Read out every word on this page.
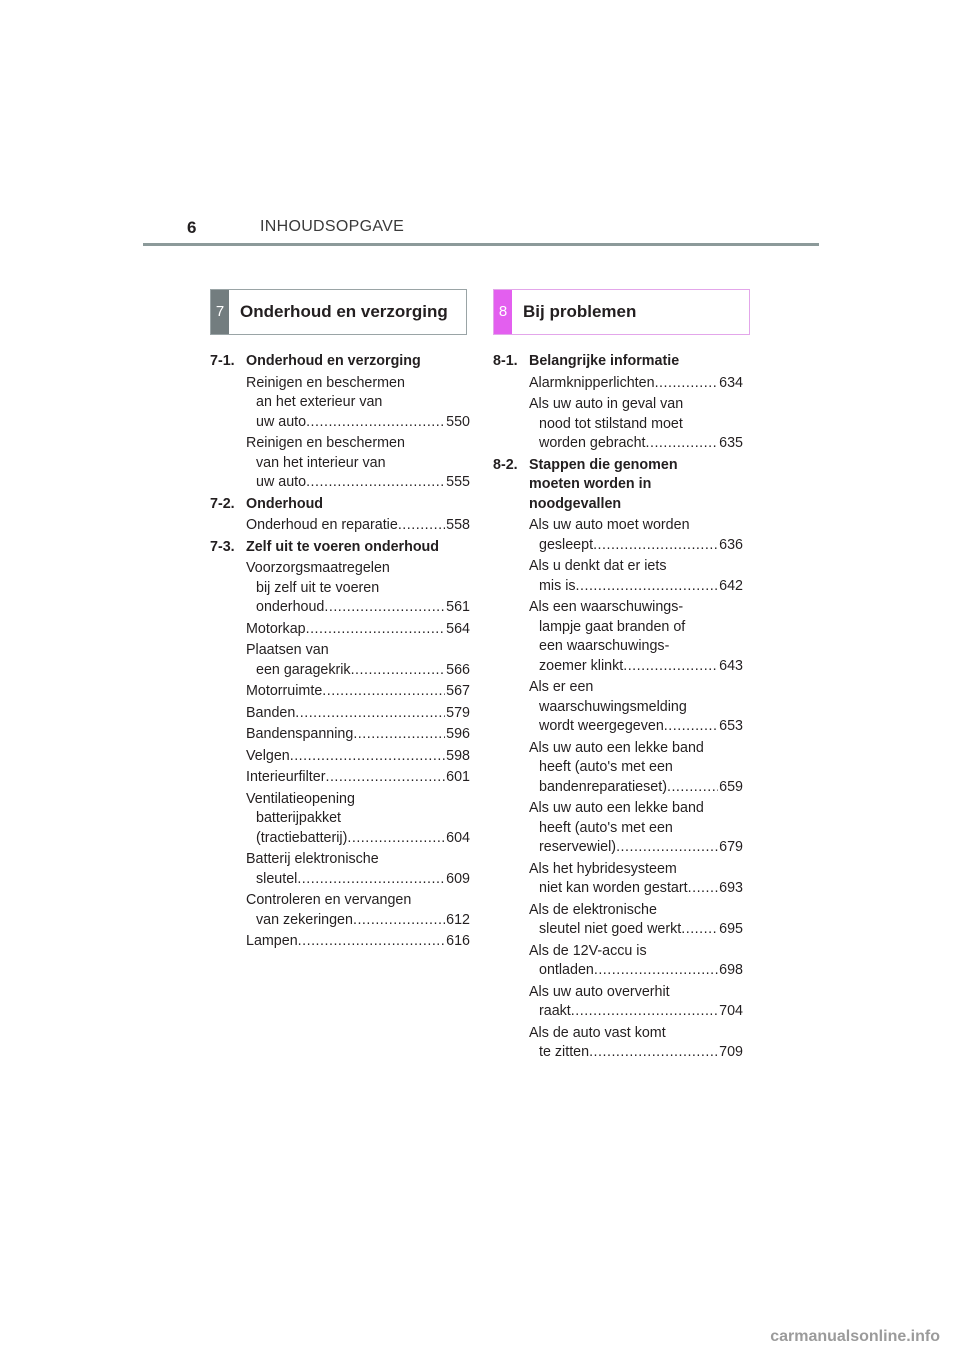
6	INHOUDSOPGAVE
7 Onderhoud en verzorging	8 Bij problemen
7-1. Onderhoud en verzorging
Reinigen en beschermen
an het exterieur van
uw auto .....	550
Reinigen en beschermen
van het interieur van
uw auto .....	555
7-2. Onderhoud
Onderhoud en reparatie .....	558
7-3. Zelf uit te voeren onderhoud
Voorzorgsmaatregelen
bij zelf uit te voeren
onderhoud .....	561
Motorkap .....	564
Plaatsen van
een garagekrik .....	566
Motorruimte .....	567
Banden .....	579
Bandenspanning .....	596
Velgen .....	598
Interieurfilter .....	601
Ventilatieopening
batterijpakket
(tractiebatterij) .....	604
Batterij elektronische
sleutel .....	609
Controleren en vervangen
van zekeringen .....	612
Lampen .....	616
8-1. Belangrijke informatie
Alarmknipperlichten .....	634
Als uw auto in geval van
nood tot stilstand moet
worden gebracht .....	635
8-2. Stappen die genomen
moeten worden in
noodgevallen
Als uw auto moet worden
gesleept .....	636
Als u denkt dat er iets
mis is .....	642
Als een waarschuwings-
lampje gaat branden of
een waarschuwings-
zoemer klinkt .....	643
Als er een
waarschuwingsmelding
wordt weergegeven .....	653
Als uw auto een lekke band
heeft (auto's met een
bandenreparatieset) .....	659
Als uw auto een lekke band
heeft (auto's met een
reservewiel) .....	679
Als het hybridesysteem
niet kan worden gestart ..... 693
Als de elektronische
sleutel niet goed werkt .....	695
Als de 12V-accu is
ontladen .....	698
Als uw auto oververhit
raakt .....	704
Als de auto vast komt
te zitten .....	709
carmanualsonline.info
